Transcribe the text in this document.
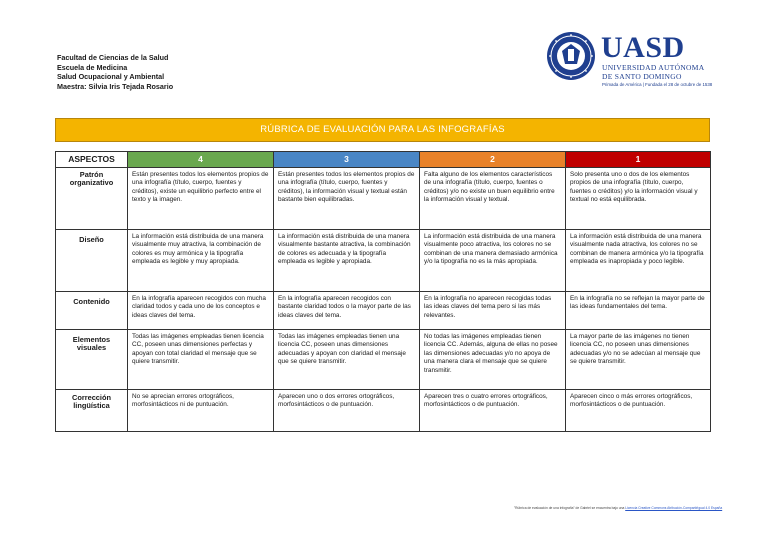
Facultad de Ciencias de la Salud
Escuela de Medicina
Salud Ocupacional y Ambiental
Maestra: Silvia Iris Tejada Rosario
UASD
UNIVERSIDAD AUTÓNOMA
DE SANTO DOMINGO
Primada de América | Fundada el 28 de octubre de 1538
RÚBRICA DE EVALUACIÓN PARA LAS INFOGRAFÍAS
ASPECTOS	4	3	2	1
Patrón organizativo	Están presentes todos los elementos propios de una infografía (título, cuerpo, fuentes y créditos), existe un equilibrio perfecto entre el texto y la imagen.	Están presentes todos los elementos propios de una infografía (título, cuerpo, fuentes y créditos), la información visual y textual están bastante bien equilibradas.	Falta alguno de los elementos característicos de una infografía (título, cuerpo, fuentes o créditos) y/o no existe un buen equilibrio entre la información visual y textual.	Solo presenta uno o dos de los elementos propios de una infografía (título, cuerpo, fuentes o créditos) y/o la información visual y textual no está equilibrada.
Diseño	La información está distribuida de una manera visualmente muy atractiva, la combinación de colores es muy armónica y la tipografía empleada es legible y muy apropiada.	La información está distribuida de una manera visualmente bastante atractiva, la combinación de colores es adecuada y la tipografía empleada es legible y apropiada.	La información está distribuida de una manera visualmente poco atractiva, los colores no se combinan de una manera demasiado armónica y/o la tipografía no es la más apropiada.	La información está distribuida de una manera visualmente nada atractiva, los colores no se combinan de manera armónica y/o la tipografía empleada es inapropiada y poco legible.
Contenido	En la infografía aparecen recogidos con mucha claridad todos y cada uno de los conceptos e ideas claves del tema.	En la infografía aparecen recogidos con bastante claridad todos o la mayor parte de las ideas claves del tema.	En la infografía no aparecen recogidas todas las ideas claves del tema pero si las más relevantes.	En la infografía no se reflejan la mayor parte de las ideas fundamentales del tema.
Elementos visuales	Todas las imágenes empleadas tienen licencia CC, poseen unas dimensiones perfectas y apoyan con total claridad el mensaje que se quiere transmitir.	Todas las imágenes empleadas tienen una licencia CC, poseen unas dimensiones adecuadas y apoyan con claridad el mensaje que se quiere transmitir.	No todas las imágenes empleadas tienen licencia CC. Además, alguna de ellas no posee las dimensiones adecuadas y/o no apoya de una manera clara el mensaje que se quiere transmitir.	La mayor parte de las imágenes no tienen licencia CC, no poseen unas dimensiones adecuadas y/o no se adecúan al mensaje que se quiere transmitir.
Corrección lingüística	No se aprecian errores ortográficos, morfosintácticos ni de puntuación.	Aparecen uno o dos errores ortográficos, morfosintácticos o de puntuación.	Aparecen tres o cuatro errores ortográficos, morfosintácticos o de puntuación.	Aparecen cinco o más errores ortográficos, morfosintácticos o de puntuación.
"Rúbrica de evaluación de una infografía" de Gabriel se encuentra bajo una Licencia Creative Commons Atribución-CompartirIgual 4.0 España
